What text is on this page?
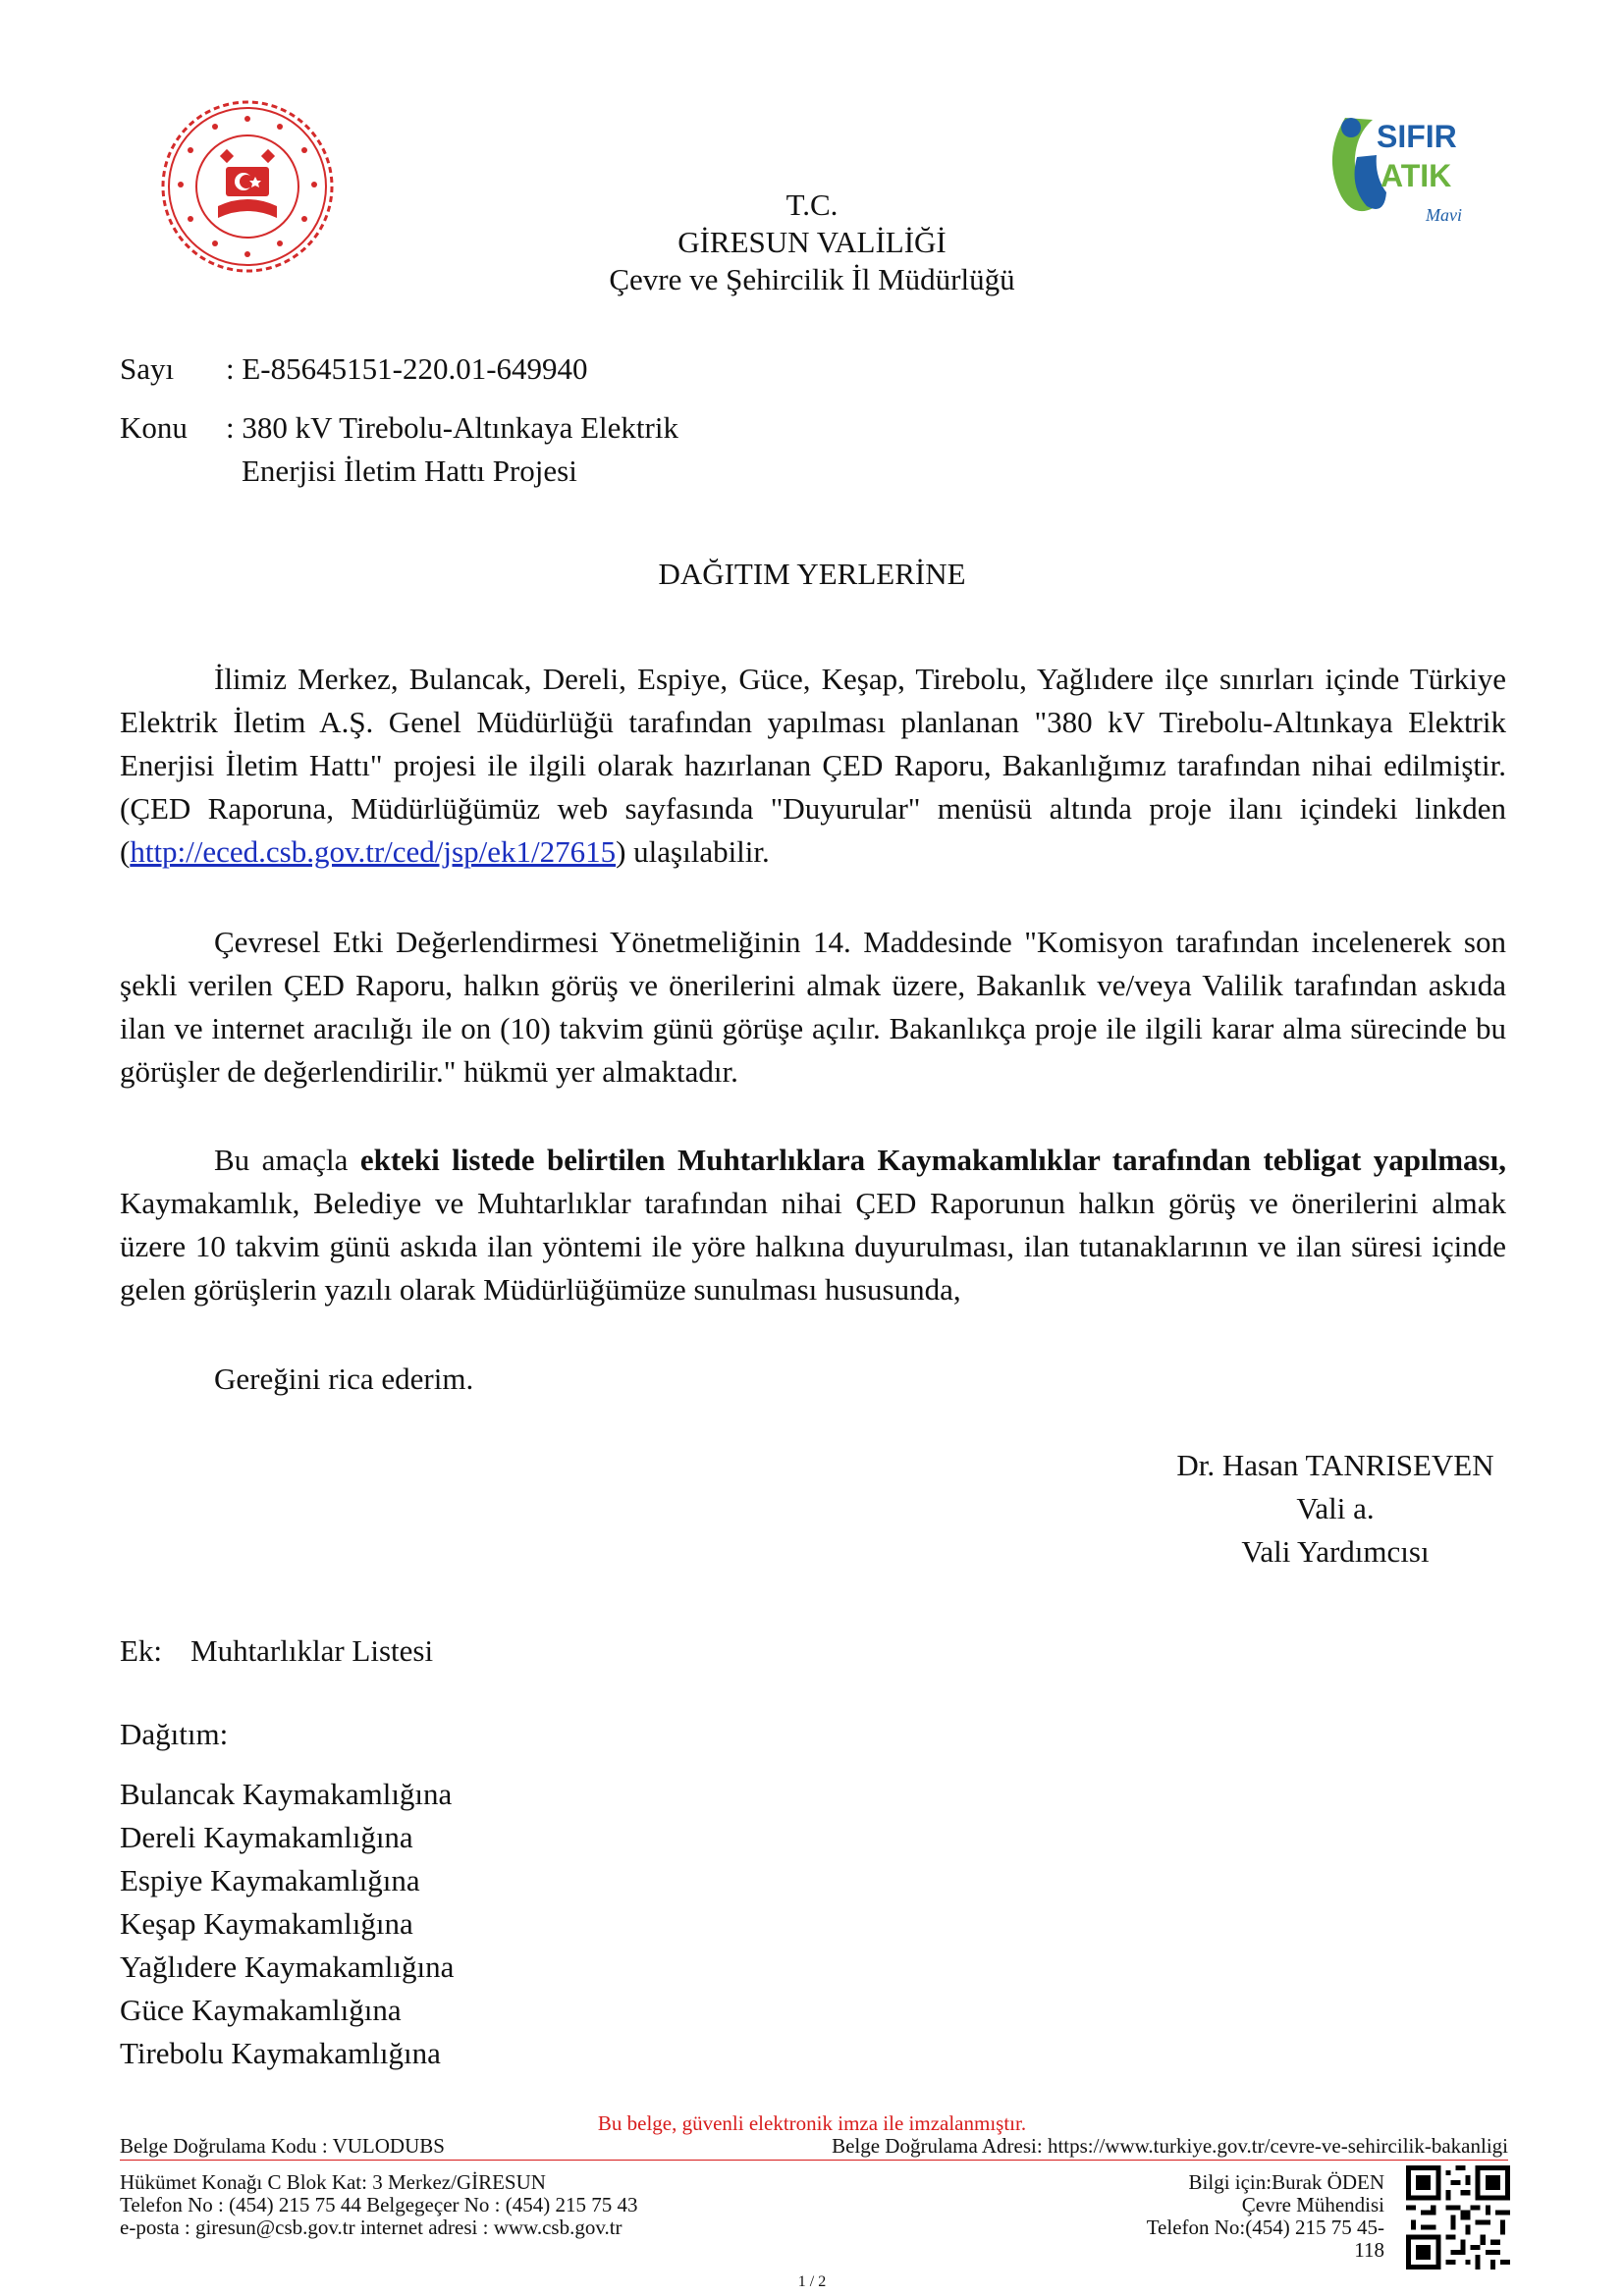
SIFIR
ATIK
Mavi
T.C.
GİRESUN VALİLİĞİ
Çevre ve Şehircilik İl Müdürlüğü
Sayı : E-85645151-220.01-649940
Konu : 380 kV Tirebolu-Altınkaya Elektrik
Enerjisi İletim Hattı Projesi
DAĞITIM YERLERİNE
İlimiz Merkez, Bulancak, Dereli, Espiye, Güce, Keşap, Tirebolu, Yağlıdere ilçe sınırları içinde Türkiye Elektrik İletim A.Ş. Genel Müdürlüğü tarafından yapılması planlanan "380 kV Tirebolu-Altınkaya Elektrik Enerjisi İletim Hattı" projesi ile ilgili olarak hazırlanan ÇED Raporu, Bakanlığımız tarafından nihai edilmiştir. (ÇED Raporuna, Müdürlüğümüz web sayfasında "Duyurular" menüsü altında proje ilanı içindeki linkden (http://eced.csb.gov.tr/ced/jsp/ek1/27615) ulaşılabilir.
Çevresel Etki Değerlendirmesi Yönetmeliğinin 14. Maddesinde "Komisyon tarafından incelenerek son şekli verilen ÇED Raporu, halkın görüş ve önerilerini almak üzere, Bakanlık ve/veya Valilik tarafından askıda ilan ve internet aracılığı ile on (10) takvim günü görüşe açılır. Bakanlıkça proje ile ilgili karar alma sürecinde bu görüşler de değerlendirilir." hükmü yer almaktadır.
Bu amaçla ekteki listede belirtilen Muhtarlıklara Kaymakamlıklar tarafından tebligat yapılması, Kaymakamlık, Belediye ve Muhtarlıklar tarafından nihai ÇED Raporunun halkın görüş ve önerilerini almak üzere 10 takvim günü askıda ilan yöntemi ile yöre halkına duyurulması, ilan tutanaklarının ve ilan süresi içinde gelen görüşlerin yazılı olarak Müdürlüğümüze sunulması hususunda,
Gereğini rica ederim.
Dr. Hasan TANRISEVEN
Vali a.
Vali Yardımcısı
Ek: Muhtarlıklar Listesi
Dağıtım:
Bulancak Kaymakamlığına
Dereli Kaymakamlığına
Espiye Kaymakamlığına
Keşap Kaymakamlığına
Yağlıdere Kaymakamlığına
Güce Kaymakamlığına
Tirebolu Kaymakamlığına
Bu belge, güvenli elektronik imza ile imzalanmıştır.
Belge Doğrulama Kodu : VULODUBS	Belge Doğrulama Adresi: https://www.turkiye.gov.tr/cevre-ve-sehircilik-bakanligi
Hükümet Konağı C Blok Kat: 3 Merkez/GİRESUN
Telefon No : (454) 215 75 44 Belgegeçer No : (454) 215 75 43
e-posta : giresun@csb.gov.tr internet adresi : www.csb.gov.tr
Bilgi için:Burak ÖDEN
Çevre Mühendisi
Telefon No:(454) 215 75 45-
118
1 / 2
